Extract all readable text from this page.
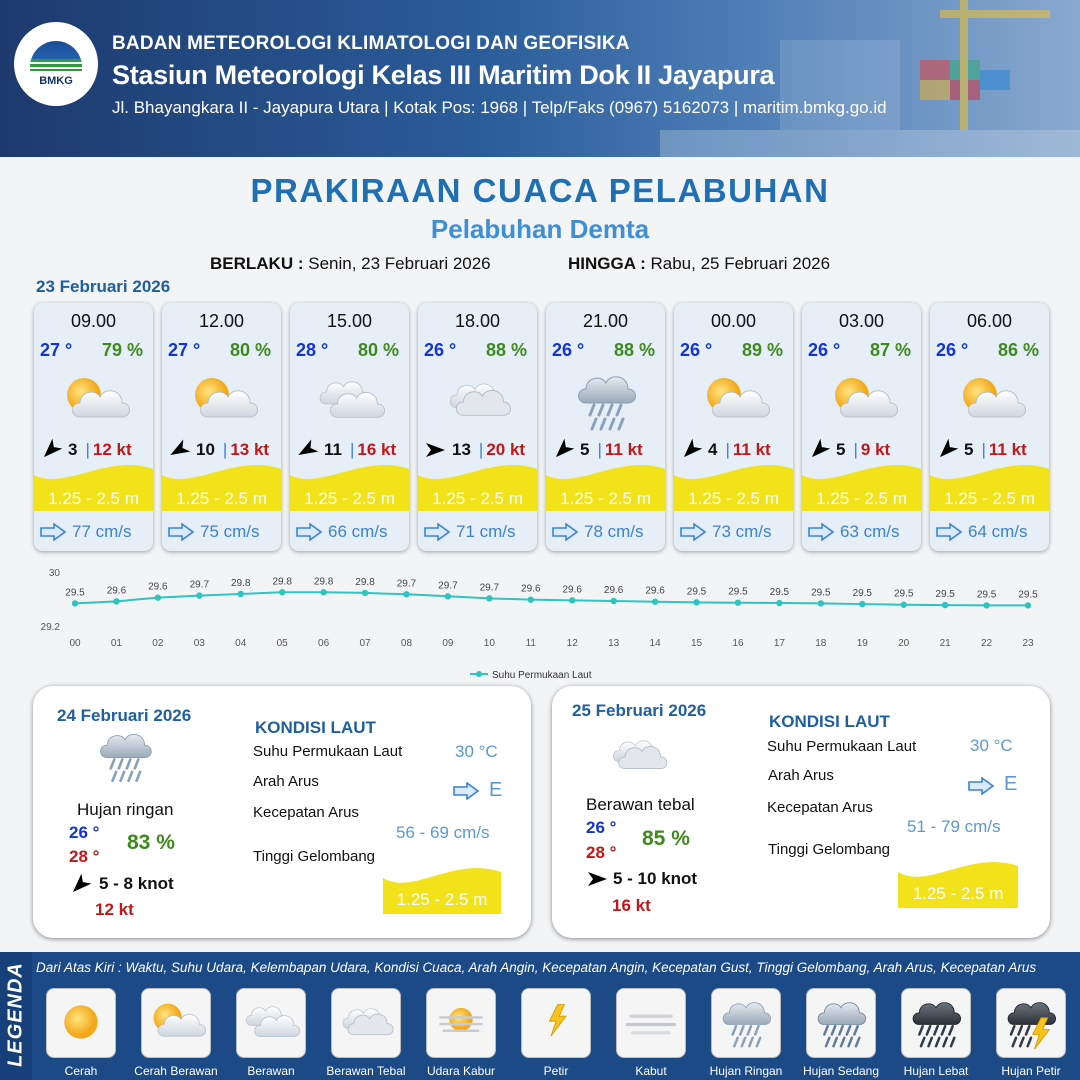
BMKG
BADAN METEOROLOGI KLIMATOLOGI DAN GEOFISIKA
Stasiun Meteorologi Kelas III Maritim Dok II Jayapura
Jl. Bhayangkara II - Jayapura Utara | Kotak Pos: 1968 | Telp/Faks (0967) 5162073 | maritim.bmkg.go.id
PRAKIRAAN CUACA PELABUHAN
Pelabuhan Demta
BERLAKU : Senin, 23 Februari 2026	HINGGA : Rabu, 25 Februari 2026
23 Februari 2026
09.00
27 ° 79 %
3 | 12 kt
1.25 - 2.5 m
77 cm/s
12.00
27 ° 80 %
10 | 13 kt
1.25 - 2.5 m
75 cm/s
15.00
28 ° 80 %
11 | 16 kt
1.25 - 2.5 m
66 cm/s
18.00
26 ° 88 %
13 | 20 kt
1.25 - 2.5 m
71 cm/s
21.00
26 ° 88 %
5 | 11 kt
1.25 - 2.5 m
78 cm/s
00.00
26 ° 89 %
4 | 11 kt
1.25 - 2.5 m
73 cm/s
03.00
26 ° 87 %
5 | 9 kt
1.25 - 2.5 m
63 cm/s
06.00
26 ° 86 %
5 | 11 kt
1.25 - 2.5 m
64 cm/s
30
29.2
29.5
00
29.6
01
29.6
02
29.7
03
29.8
04
29.8
05
29.8
06
29.8
07
29.7
08
29.7
09
29.7
10
29.6
11
29.6
12
29.6
13
29.6
14
29.5
15
29.5
16
29.5
17
29.5
18
29.5
19
29.5
20
29.5
21
29.5
22
29.5
23
Suhu Permukaan Laut
24 Februari 2026
Hujan ringan
26 °
28 °
83 %
5 - 8 knot
12 kt
KONDISI LAUT
Suhu Permukaan Laut	30 °C
Arah Arus	E
Kecepatan Arus
56 - 69 cm/s
Tinggi Gelombang
1.25 - 2.5 m
25 Februari 2026
Berawan tebal
26 °
28 °
85 %
5 - 10 knot
16 kt
KONDISI LAUT
Suhu Permukaan Laut	30 °C
Arah Arus	E
Kecepatan Arus
51 - 79 cm/s
Tinggi Gelombang
1.25 - 2.5 m
LEGENDA Dari Atas Kiri : Waktu, Suhu Udara, Kelembapan Udara, Kondisi Cuaca, Arah Angin, Kecepatan Angin, Kecepatan Gust, Tinggi Gelombang, Arah Arus, Kecepatan Arus
Cerah	Cerah Berawan	Berawan	Berawan Tebal	Udara Kabur	Petir	Kabut	Hujan Ringan	Hujan Sedang	Hujan Lebat	Hujan Petir
